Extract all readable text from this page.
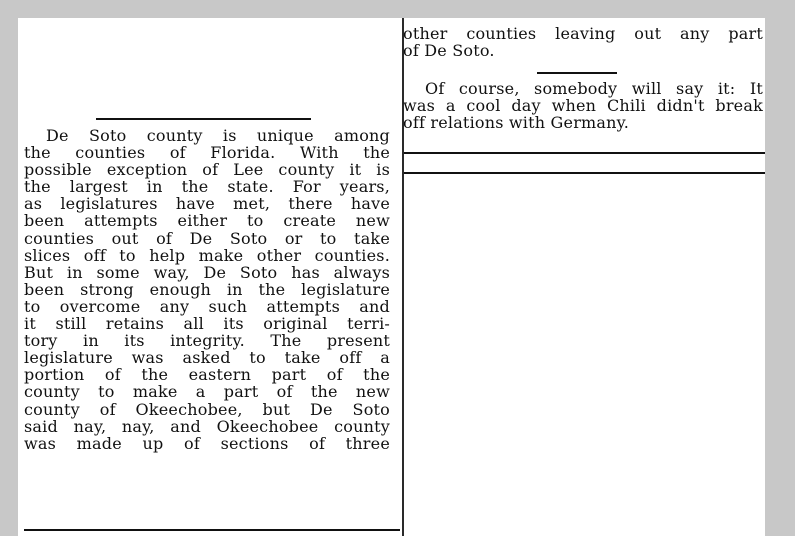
De Soto county is unique among
the counties of Florida. With the
possible exception of Lee county it is
the largest in the state. For years,
as legislatures have met, there have
been attempts either to create new
counties out of De Soto or to take
slices off to help make other counties.
But in some way, De Soto has always
been strong enough in the legislature
to overcome any such attempts and
it still retains all its original terri-
tory in its integrity. The present
legislature was asked to take off a
portion of the eastern part of the
county to make a part of the new
county of Okeechobee, but De Soto
said nay, nay, and Okeechobee county
was made up of sections of three
other counties leaving out any part
of De Soto.
Of course, somebody will say it: It
was a cool day when Chili didn't break
off relations with Germany.
